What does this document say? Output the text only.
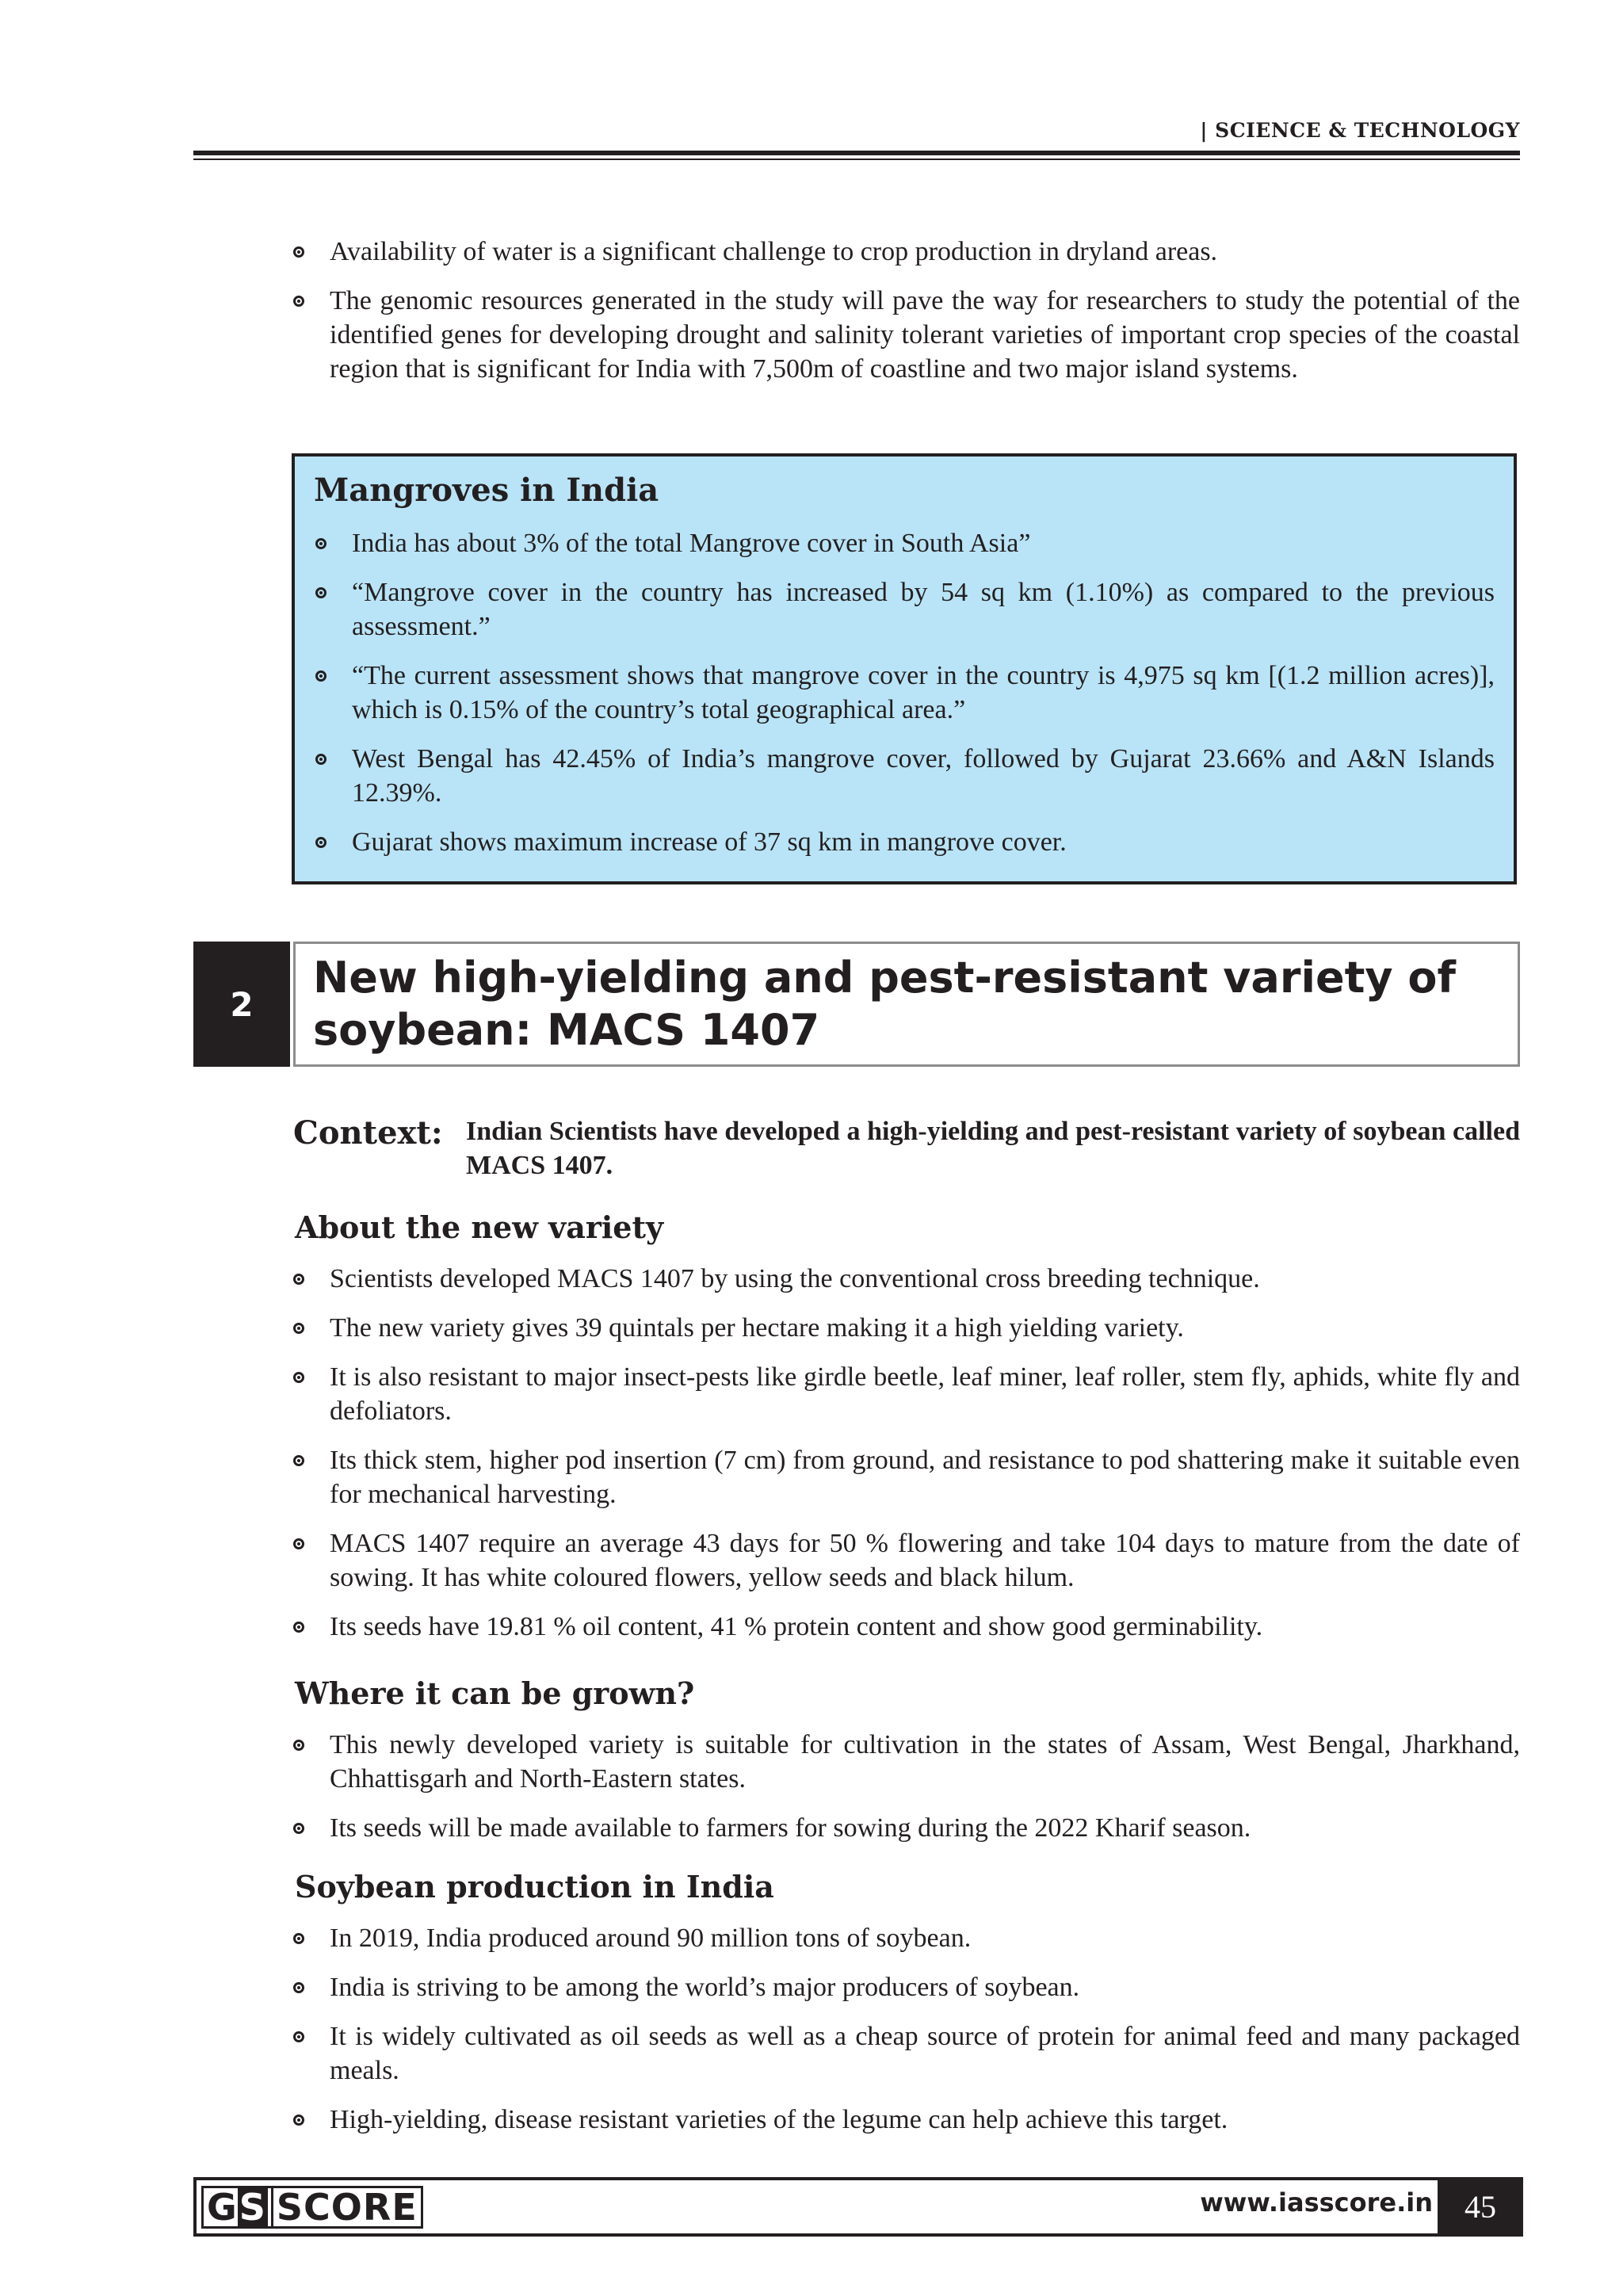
| SCIENCE & TECHNOLOGY
Availability of water is a significant challenge to crop production in dryland areas.
The genomic resources generated in the study will pave the way for researchers to study the potential of the identified genes for developing drought and salinity tolerant varieties of important crop species of the coastal region that is significant for India with 7,500m of coastline and two major island systems.
Mangroves in India
India has about 3% of the total Mangrove cover in South Asia”
“Mangrove cover in the country has increased by 54 sq km (1.10%) as compared to the previous assessment.”
“The current assessment shows that mangrove cover in the country is 4,975 sq km [(1.2 million acres)], which is 0.15% of the country’s total geographical area.”
West Bengal has 42.45% of India’s mangrove cover, followed by Gujarat 23.66% and A&N Islands 12.39%.
Gujarat shows maximum increase of 37 sq km in mangrove cover.
2
New high-yielding and pest-resistant variety of soybean: MACS 1407
Context: Indian Scientists have developed a high-yielding and pest-resistant variety of soybean called MACS 1407.
About the new variety
Scientists developed MACS 1407 by using the conventional cross breeding technique.
The new variety gives 39 quintals per hectare making it a high yielding variety.
It is also resistant to major insect-pests like girdle beetle, leaf miner, leaf roller, stem fly, aphids, white fly and defoliators.
Its thick stem, higher pod insertion (7 cm) from ground, and resistance to pod shattering make it suitable even for mechanical harvesting.
MACS 1407 require an average 43 days for 50 % flowering and take 104 days to mature from the date of sowing. It has white coloured flowers, yellow seeds and black hilum.
Its seeds have 19.81 % oil content, 41 % protein content and show good germinability.
Where it can be grown?
This newly developed variety is suitable for cultivation in the states of Assam, West Bengal, Jharkhand, Chhattisgarh and North-Eastern states.
Its seeds will be made available to farmers for sowing during the 2022 Kharif season.
Soybean production in India
In 2019, India produced around 90 million tons of soybean.
India is striving to be among the world’s major producers of soybean.
It is widely cultivated as oil seeds as well as a cheap source of protein for animal feed and many packaged meals.
High-yielding, disease resistant varieties of the legume can help achieve this target.
GS SCORE	www.iasscore.in	45
